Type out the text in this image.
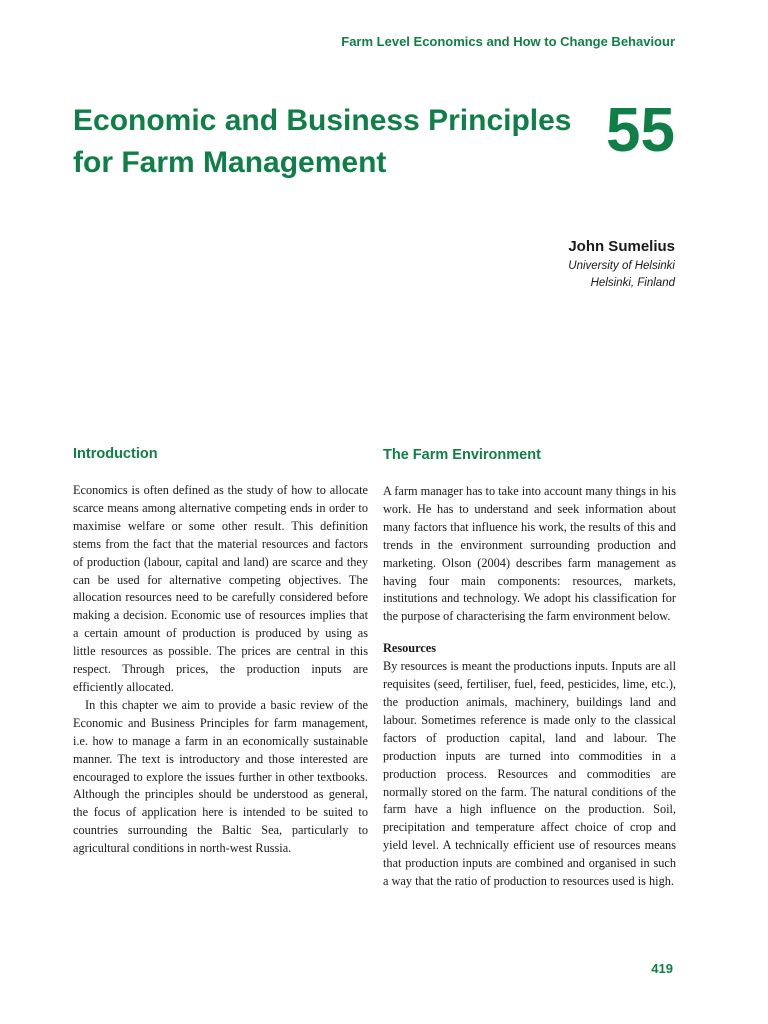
Farm Level Economics and How to Change Behaviour
Economic and Business Principles
for Farm Management	55
John Sumelius
University of Helsinki
Helsinki, Finland
Introduction

Economics is often defined as the study of how to allocate scarce means among alternative competing ends in order to maximise welfare or some other result. This definition stems from the fact that the material resources and factors of production (labour, capital and land) are scarce and they can be used for alternative competing objectives. The allocation resources need to be carefully considered before making a decision. Economic use of resources implies that a certain amount of production is produced by using as little resources as possible. The prices are central in this respect. Through prices, the production inputs are efficiently allocated.

In this chapter we aim to provide a basic review of the Economic and Business Principles for farm management, i.e. how to manage a farm in an economically sustainable manner. The text is introductory and those interested are encouraged to explore the issues further in other textbooks. Although the principles should be understood as general, the focus of application here is intended to be suited to countries surrounding the Baltic Sea, particularly to agricultural conditions in north-west Russia.

The Farm Environment

A farm manager has to take into account many things in his work. He has to understand and seek information about many factors that influence his work, the results of this and trends in the environment surrounding production and marketing. Olson (2004) describes farm management as having four main components: resources, markets, institutions and technology. We adopt his classification for the purpose of characterising the farm environment below.

Resources

By resources is meant the productions inputs. Inputs are all requisites (seed, fertiliser, fuel, feed, pesticides, lime, etc.), the production animals, machinery, buildings land and labour. Sometimes reference is made only to the classical factors of production capital, land and labour. The production inputs are turned into commodities in a production process. Resources and commodities are normally stored on the farm. The natural conditions of the farm have a high influence on the production. Soil, precipitation and temperature affect choice of crop and yield level. A technically efficient use of resources means that production inputs are combined and organised in such a way that the ratio of production to resources used is high.

419
